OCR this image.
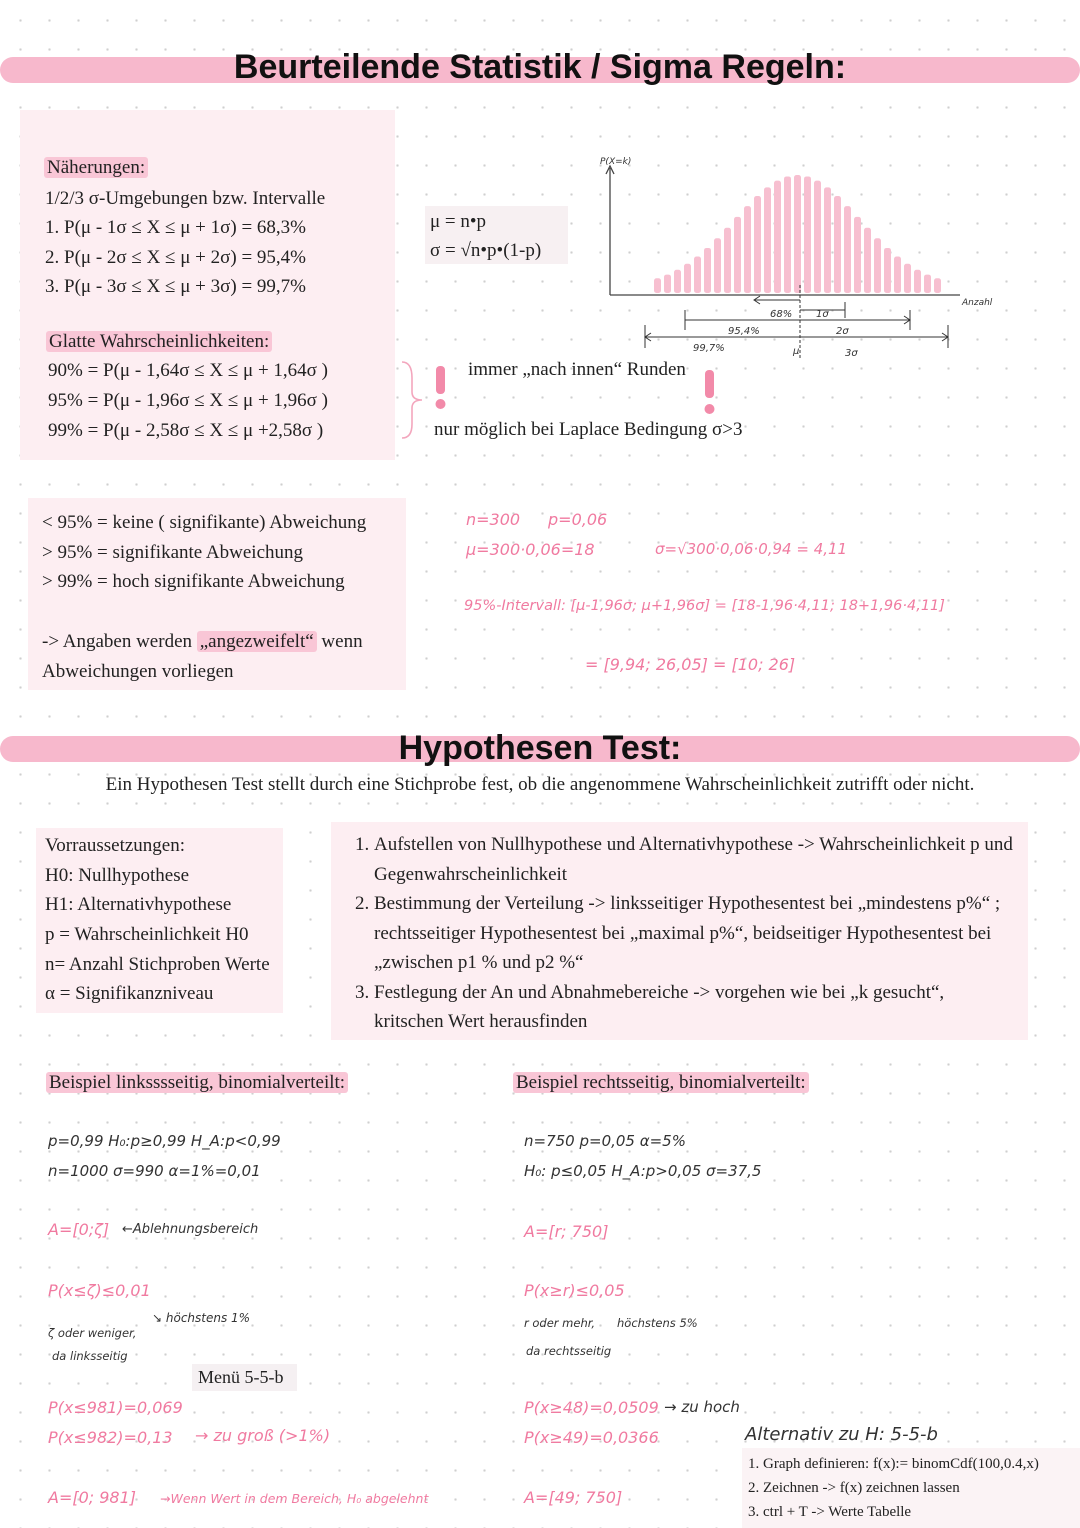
Beurteilende Statistik / Sigma Regeln:
Näherungen:
1/2/3 σ-Umgebungen bzw. Intervalle
1. P(μ - 1σ ≤ X ≤ μ + 1σ) = 68,3%
2. P(μ - 2σ ≤ X ≤ μ + 2σ) = 95,4%
3. P(μ - 3σ ≤ X ≤ μ + 3σ) = 99,7%
Glatte Wahrscheinlichkeiten:
90% = P(μ - 1,64σ ≤ X ≤ μ + 1,64σ )
95% = P(μ - 1,96σ ≤ X ≤ μ + 1,96σ )
99% = P(μ - 2,58σ ≤ X ≤ μ +2,58σ )
μ = n•p
σ = √n•p•(1-p)
immer „nach innen“ Runden
nur möglich bei Laplace Bedingung σ>3
P(X=k)
Anzahl
68% 1σ
95,4%	2σ
99,7%	μ	3σ
< 95% = keine ( signifikante) Abweichung
> 95% = signifikante Abweichung
> 99% = hoch signifikante Abweichung
-> Angaben werden „angezweifelt“ wenn
Abweichungen vorliegen
n=300 p=0,06
μ=300·0,06=18	σ=√300·0,06·0,94 = 4,11
95%-Intervall: [μ-1,96σ; μ+1,96σ] = [18-1,96·4,11; 18+1,96·4,11]
= [9,94; 26,05] = [10; 26]
Hypothesen Test:
Ein Hypothesen Test stellt durch eine Stichprobe fest, ob die angenommene Wahrscheinlichkeit zutrifft oder nicht.
Vorraussetzungen:
H0: Nullhypothese
H1: Alternativhypothese
p = Wahrscheinlichkeit H0
n= Anzahl Stichproben Werte
α = Signifikanzniveau
1. Aufstellen von Nullhypothese und Alternativhypothese -> Wahrscheinlichkeit p und Gegenwahrscheinlichkeit
2. Bestimmung der Verteilung -> linksseitiger Hypothesentest bei „mindestens p%“ ; rechtsseitiger Hypothesentest bei „maximal p%“, beidseitiger Hypothesentest bei „zwischen p1 % und p2 %“
3. Festlegung der An und Abnahmebereiche -> vorgehen wie bei „k gesucht“, kritschen Wert herausfinden
Beispiel linksssseitig, binomialverteilt:
p=0,99 H₀:p≥0,99 H_A:p<0,99
n=1000 σ=990 α=1%=0,01
A=[0;ζ] ←Ablehnungsbereich
P(x≤ζ)≤0,01
ζ oder weniger,
da linksseitig
↘ höchstens 1%
Menü 5-5-b
P(x≤981)=0,069
P(x≤982)=0,13 → zu groß (>1%)
A=[0; 981] →Wenn Wert in dem Bereich, H₀ abgelehnt
Beispiel rechtsseitig, binomialverteilt:
n=750 p=0,05 α=5%
H₀: p≤0,05 H_A:p>0,05 σ=37,5
A=[r; 750]
P(x≥r)≤0,05
r oder mehr, höchstens 5%
da rechtsseitig
P(x≥48)=0,0509 → zu hoch
P(x≥49)=0,0366
A=[49; 750]
Alternativ zu H: 5-5-b
1. Graph definieren: f(x):= binomCdf(100,0.4,x)
2. Zeichnen -> f(x) zeichnen lassen
3. ctrl + T -> Werte Tabelle
